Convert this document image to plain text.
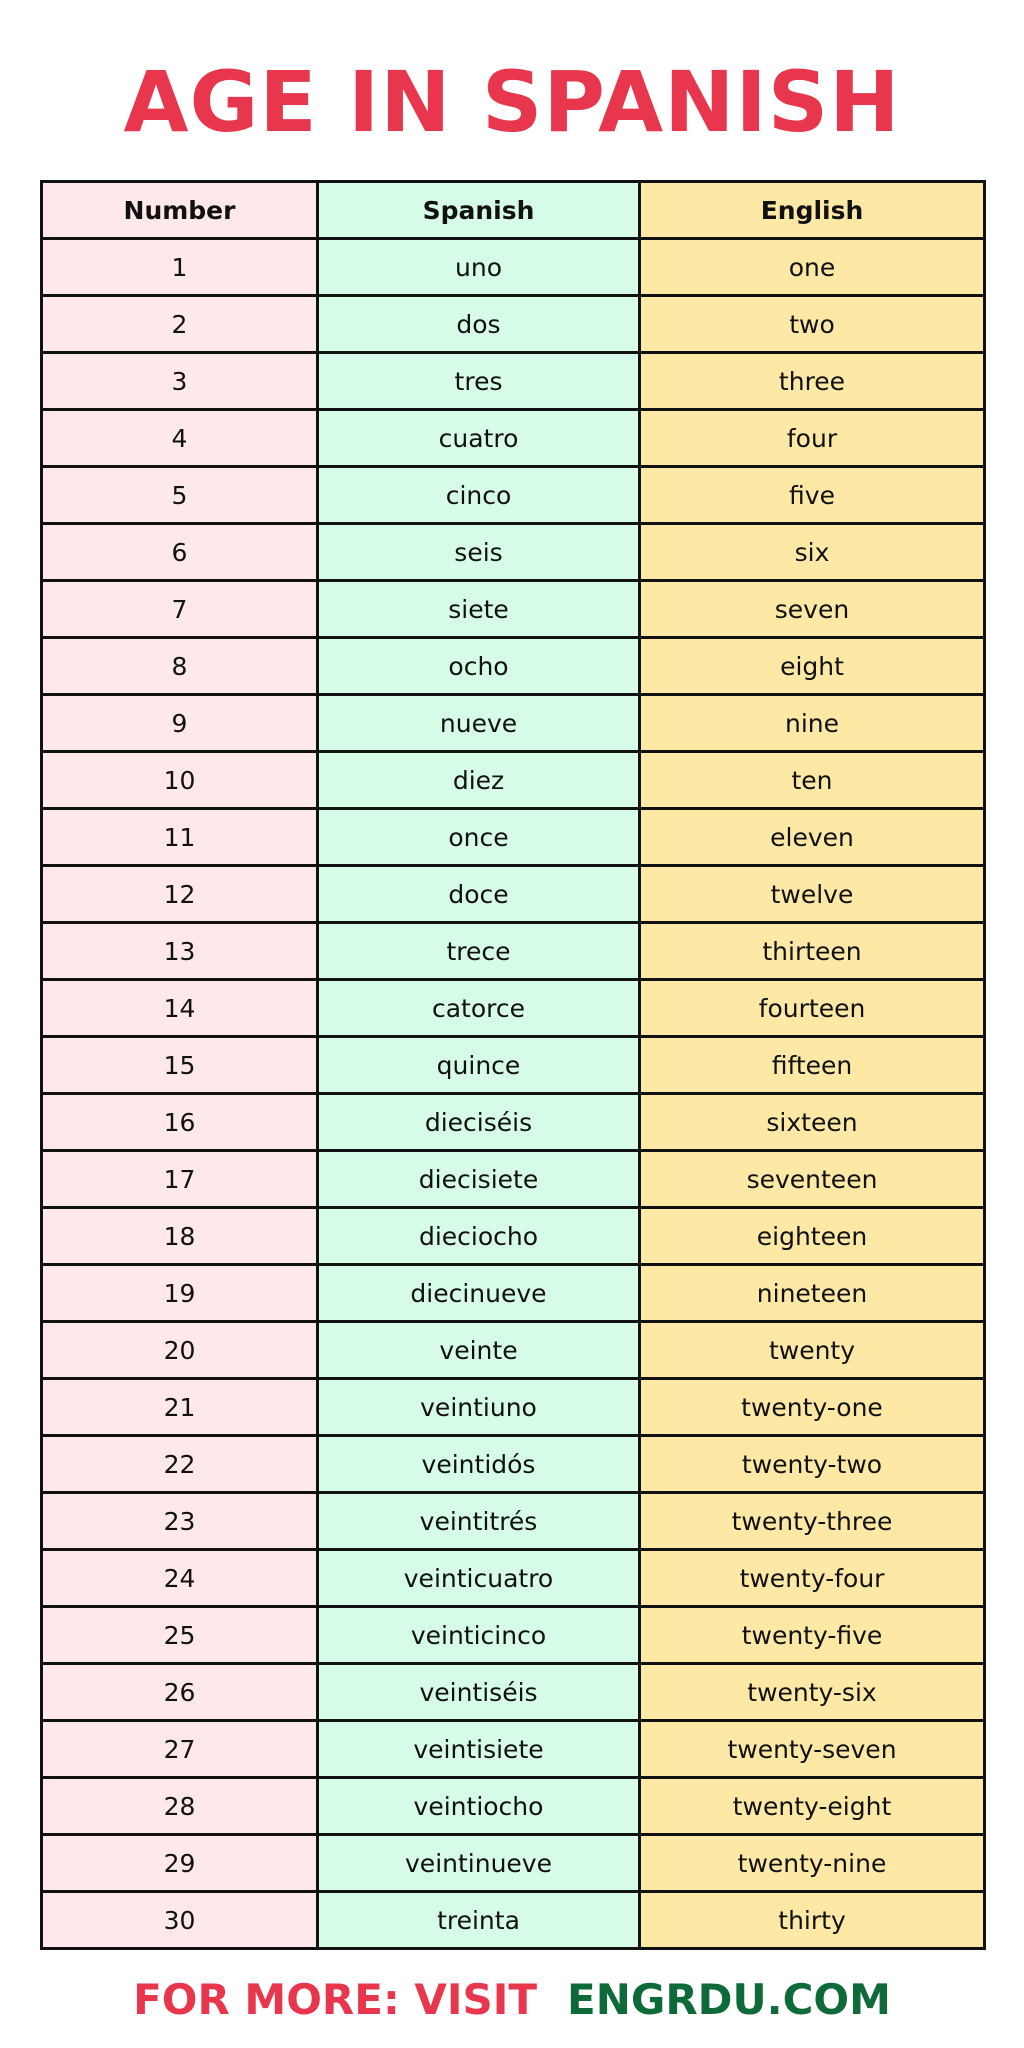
AGE IN SPANISH
Number	Spanish	English
1	uno	one
2	dos	two
3	tres	three
4	cuatro	four
5	cinco	five
6	seis	six
7	siete	seven
8	ocho	eight
9	nueve	nine
10	diez	ten
11	once	eleven
12	doce	twelve
13	trece	thirteen
14	catorce	fourteen
15	quince	fifteen
16	dieciséis	sixteen
17	diecisiete	seventeen
18	dieciocho	eighteen
19	diecinueve	nineteen
20	veinte	twenty
21	veintiuno	twenty-one
22	veintidós	twenty-two
23	veintitrés	twenty-three
24	veinticuatro	twenty-four
25	veinticinco	twenty-five
26	veintiséis	twenty-six
27	veintisiete	twenty-seven
28	veintiocho	twenty-eight
29	veintinueve	twenty-nine
30	treinta	thirty
FOR MORE: VISIT ENGRDU.COM
